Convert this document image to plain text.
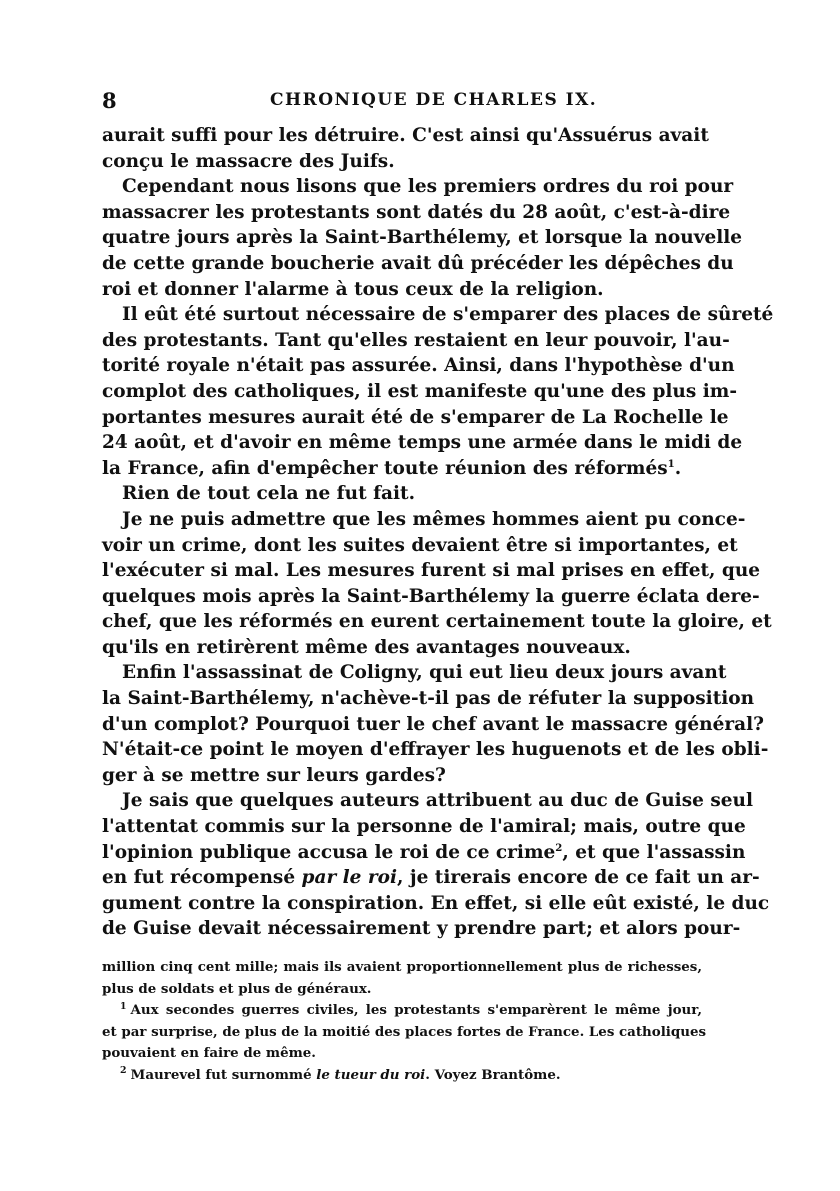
8	CHRONIQUE DE CHARLES IX.

aurait suffi pour les détruire. C'est ainsi qu'Assuérus avait

conçu le massacre des Juifs.

Cependant nous lisons que les premiers ordres du roi pour

massacrer les protestants sont datés du 28 août, c'est-à-dire

quatre jours après la Saint-Barthélemy, et lorsque la nouvelle

de cette grande boucherie avait dû précéder les dépêches du

roi et donner l'alarme à tous ceux de la religion.

Il eût été surtout nécessaire de s'emparer des places de sûreté

des protestants. Tant qu'elles restaient en leur pouvoir, l'au-

torité royale n'était pas assurée. Ainsi, dans l'hypothèse d'un

complot des catholiques, il est manifeste qu'une des plus im-

portantes mesures aurait été de s'emparer de La Rochelle le

24 août, et d'avoir en même temps une armée dans le midi de

la France, afin d'empêcher toute réunion des réformés$^1$.

Rien de tout cela ne fut fait.

Je ne puis admettre que les mêmes hommes aient pu conce-

voir un crime, dont les suites devaient être si importantes, et

l'exécuter si mal. Les mesures furent si mal prises en effet, que

quelques mois après la Saint-Barthélemy la guerre éclata dere-

chef, que les réformés en eurent certainement toute la gloire, et

qu'ils en retirèrent même des avantages nouveaux.

Enfin l'assassinat de Coligny, qui eut lieu deux jours avant

la Saint-Barthélemy, n'achève-t-il pas de réfuter la supposition

d'un complot? Pourquoi tuer le chef avant le massacre général?

N'était-ce point le moyen d'effrayer les huguenots et de les obli-

ger à se mettre sur leurs gardes?

Je sais que quelques auteurs attribuent au duc de Guise seul

l'attentat commis sur la personne de l'amiral; mais, outre que

l'opinion publique accusa le roi de ce crime$^2$, et que l'assassin

en fut récompensé par le roi, je tirerais encore de ce fait un ar-

gument contre la conspiration. En effet, si elle eût existé, le duc

de Guise devait nécessairement y prendre part; et alors pour-

million cinq cent mille; mais ils avaient proportionnellement plus de richesses,

plus de soldats et plus de généraux.

$^1$ Aux secondes guerres civiles, les protestants s'emparèrent le même jour,

et par surprise, de plus de la moitié des places fortes de France. Les catholiques

pouvaient en faire de même.

$^2$ Maurevel fut surnommé le tueur du roi. Voyez Brantôme.
